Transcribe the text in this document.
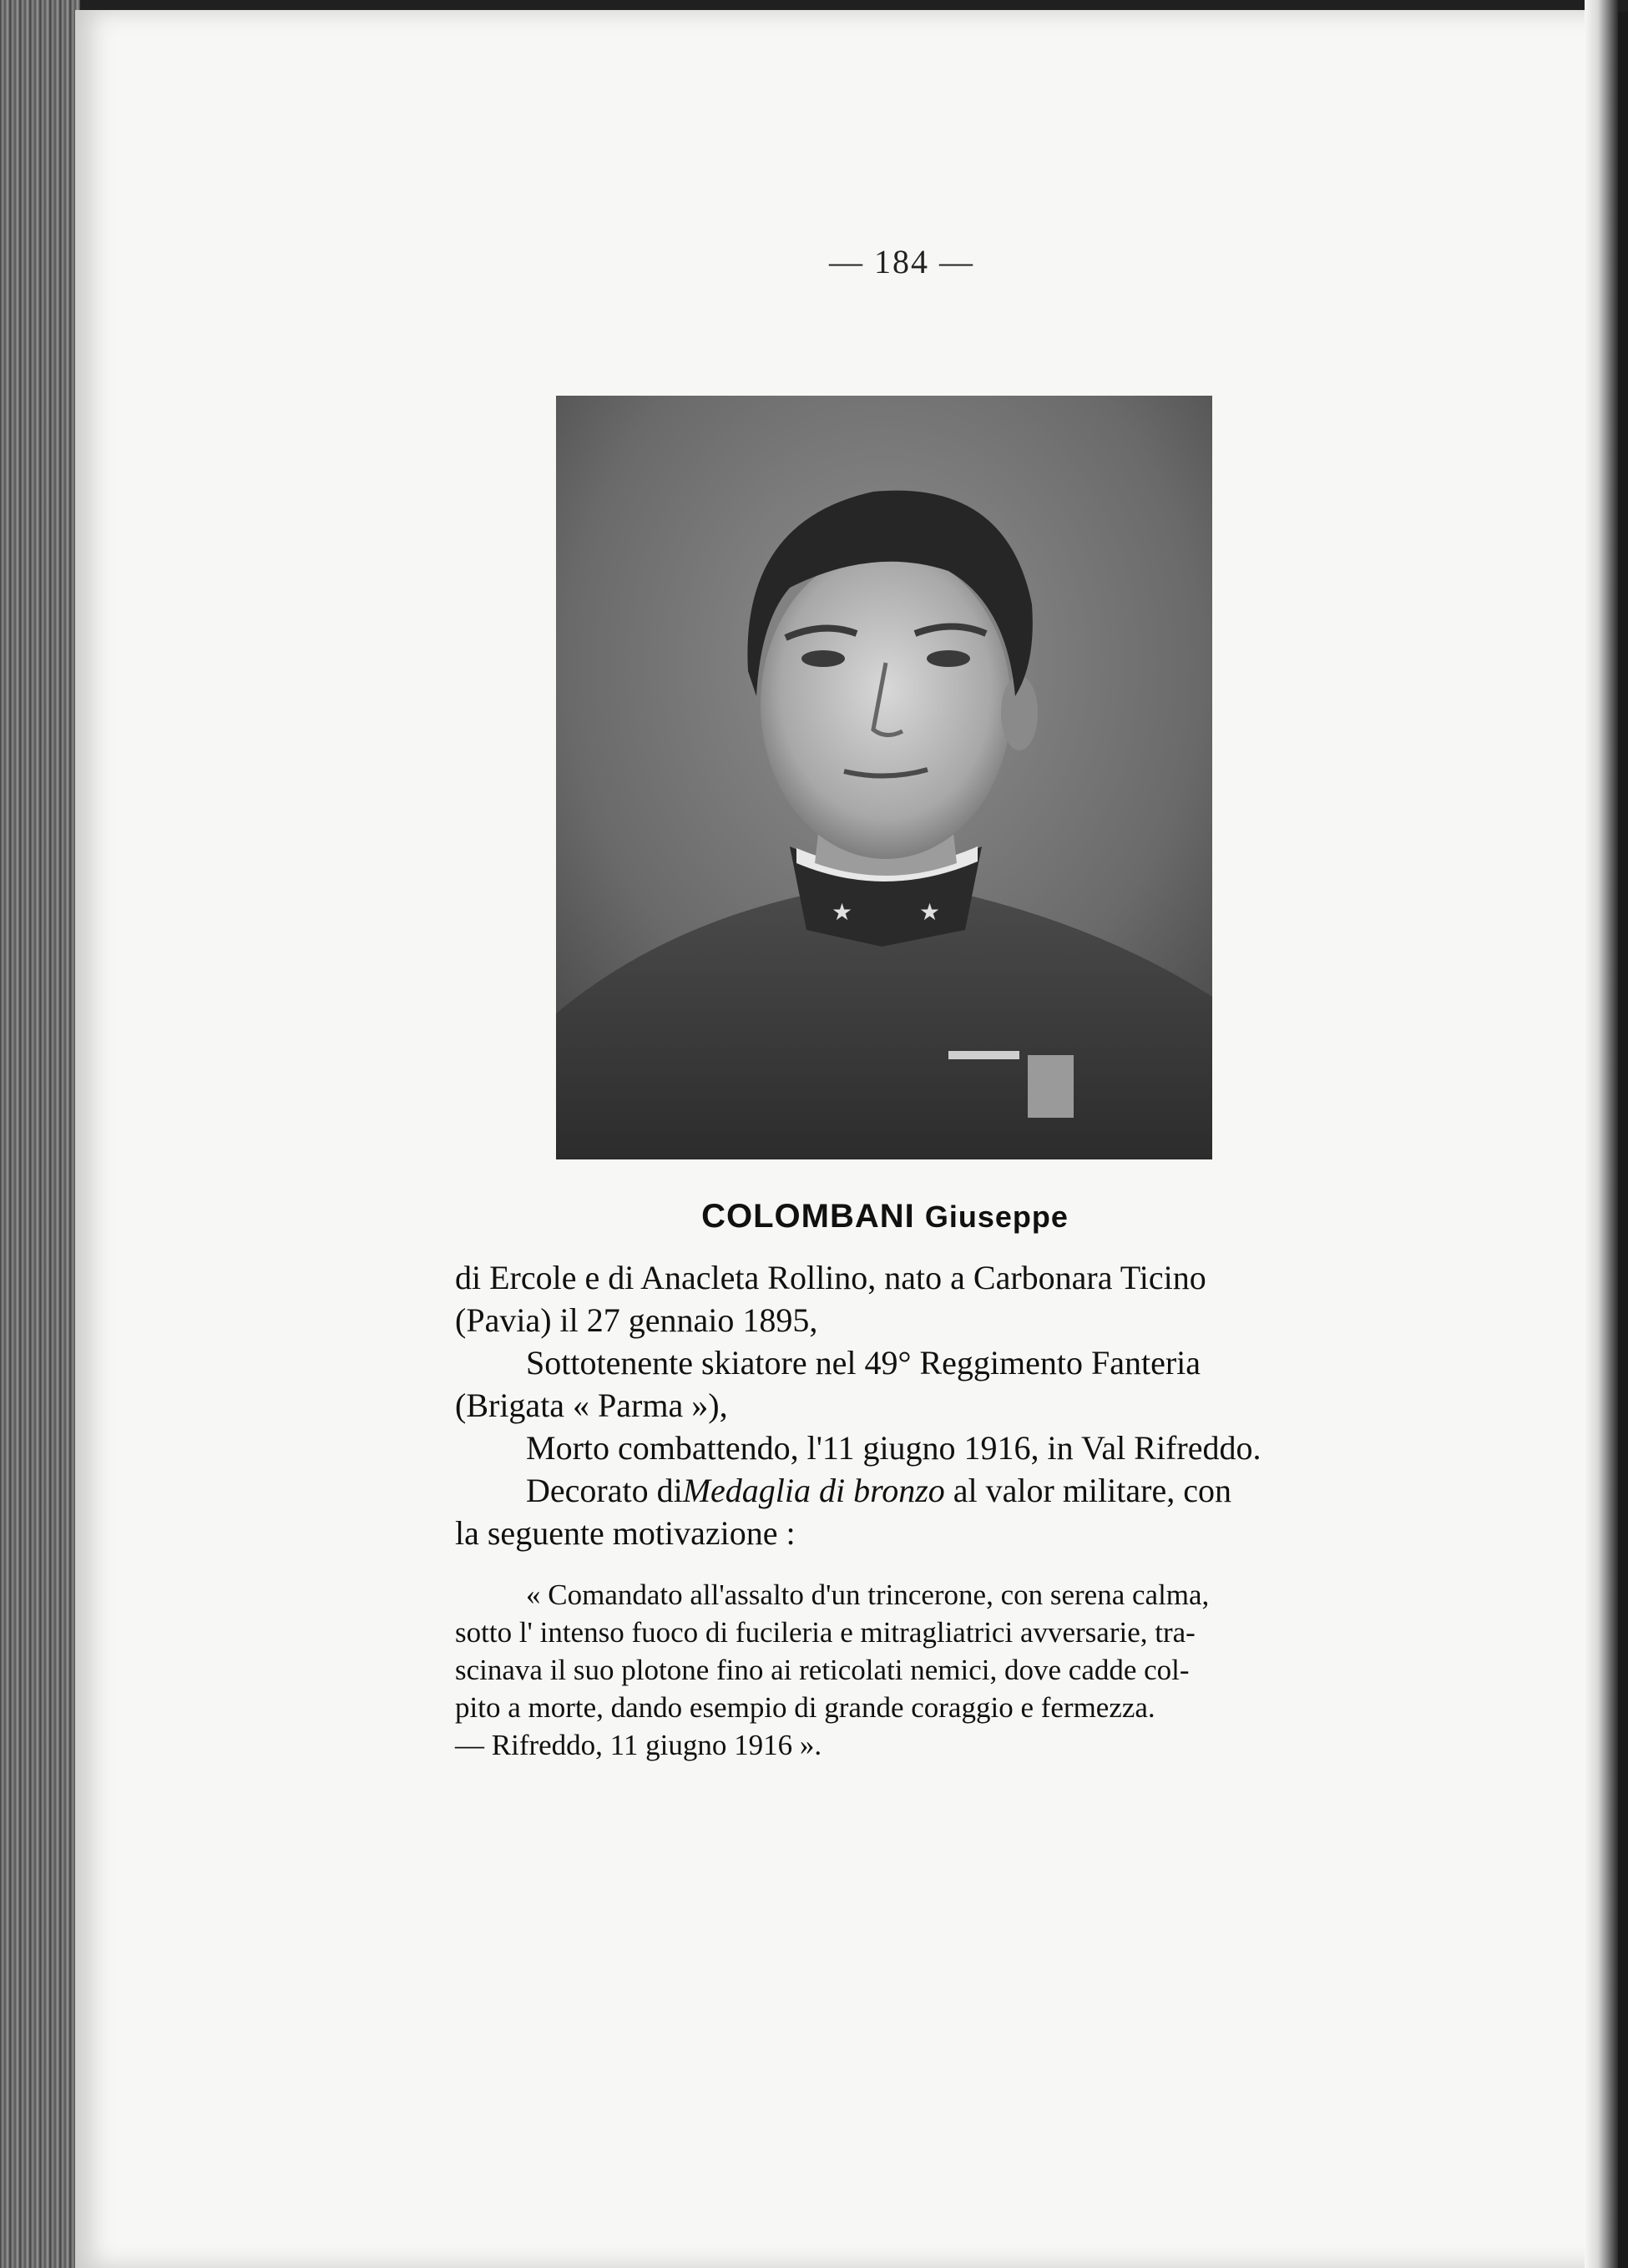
— 184 —
★	★
COLOMBANI Giuseppe
di Ercole e di Anacleta Rollino, nato a Carbonara Ticino
(Pavia) il 27 gennaio 1895,
Sottotenente skiatore nel 49° Reggimento Fanteria
(Brigata « Parma »),
Morto combattendo, l'11 giugno 1916, in Val Rifreddo.
Decorato di Medaglia di bronzo al valor militare, con
la seguente motivazione :
« Comandato all'assalto d'un trincerone, con serena calma,
sotto l' intenso fuoco di fucileria e mitragliatrici avversarie, tra-
scinava il suo plotone fino ai reticolati nemici, dove cadde col-
pito a morte, dando esempio di grande coraggio e fermezza.
— Rifreddo, 11 giugno 1916 ».
